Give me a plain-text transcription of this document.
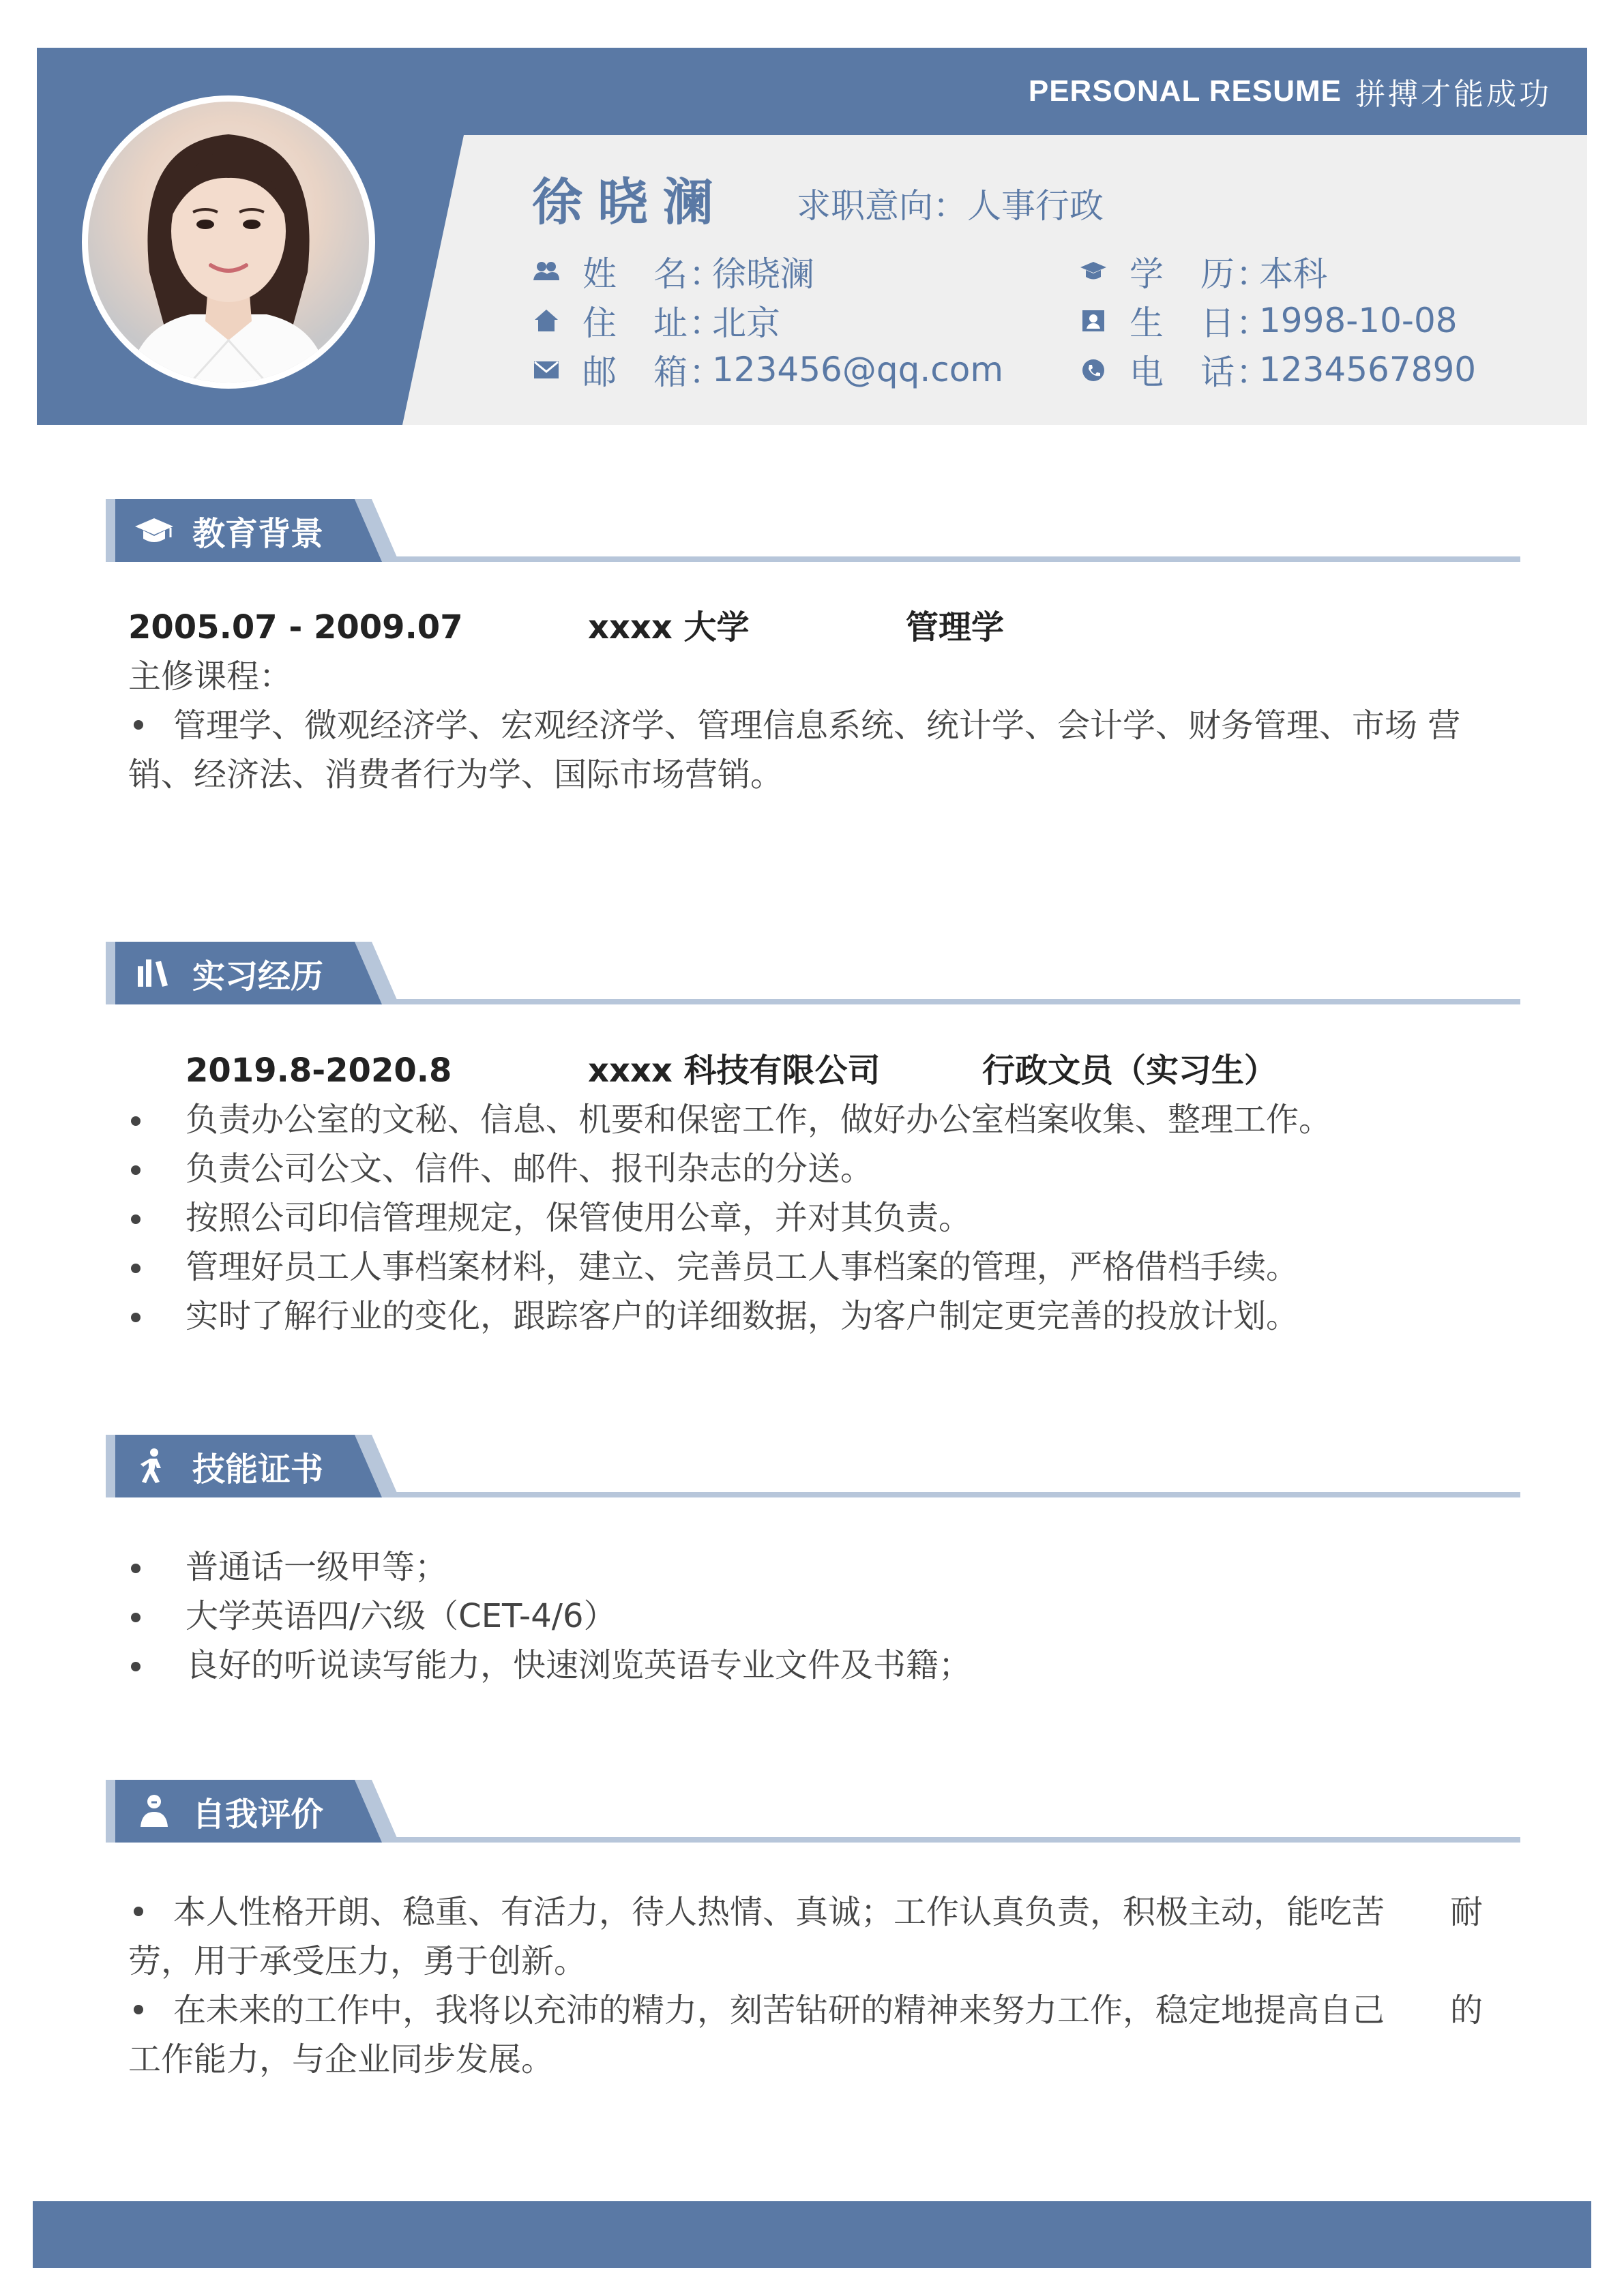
PERSONAL RESUME 拼搏才能成功
徐晓澜 求职意向：人事行政
姓　名：
徐晓澜
住　址：
北京
邮　箱：
123456@qq.com
学　历：
本科
生　日：
1998-10-08
电　话：
1234567890
教育背景
2005.07 - 2009.07	xxxx 大学	管理学
主修课程：
管理学、微观经济学、宏观经济学、管理信息系统、统计学、会计学、财务管理、市场 营
销、经济法、消费者行为学、国际市场营销。
实习经历
2019.8-2020.8	xxxx 科技有限公司	行政文员（实习生）
负责办公室的文秘、信息、机要和保密工作，做好办公室档案收集、整理工作。
负责公司公文、信件、邮件、报刊杂志的分送。
按照公司印信管理规定，保管使用公章，并对其负责。
管理好员工人事档案材料，建立、完善员工人事档案的管理，严格借档手续。
实时了解行业的变化，跟踪客户的详细数据，为客户制定更完善的投放计划。
技能证书
普通话一级甲等；
大学英语四/六级（CET-4/6）
良好的听说读写能力，快速浏览英语专业文件及书籍；
自我评价
本人性格开朗、稳重、有活力，待人热情、真诚；工作认真负责，积极主动，能吃苦　　耐
劳，用于承受压力，勇于创新。
在未来的工作中，我将以充沛的精力，刻苦钻研的精神来努力工作，稳定地提高自己　　的
工作能力，与企业同步发展。
